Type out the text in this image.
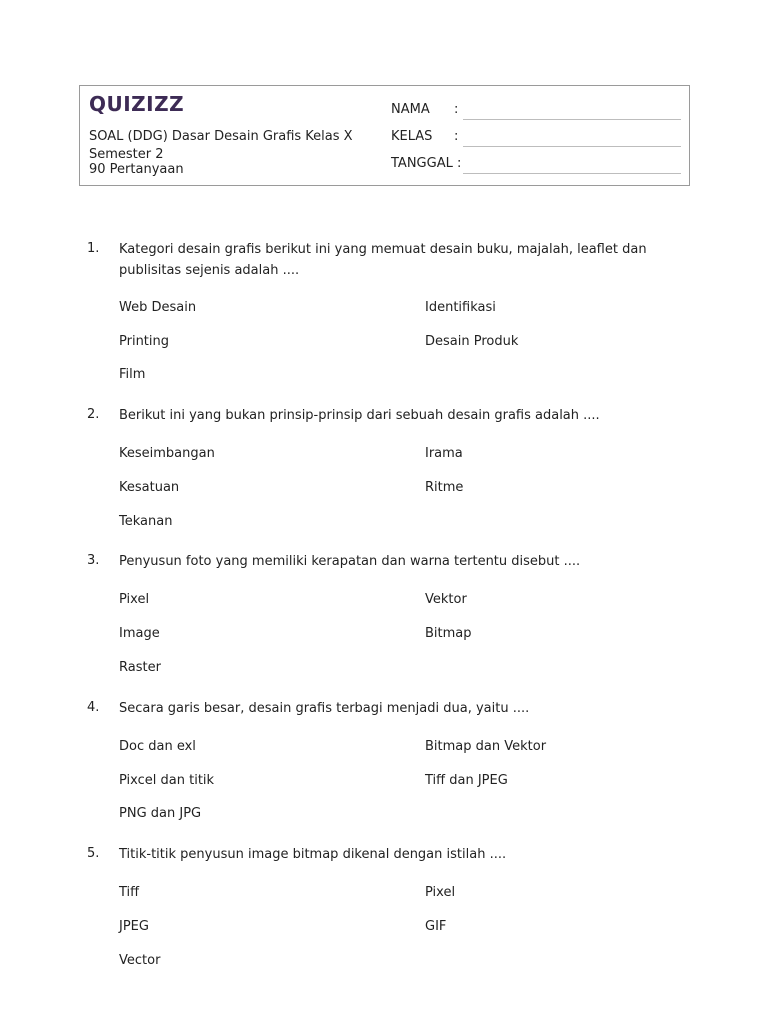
QUIZIZZ
SOAL (DDG) Dasar Desain Grafis Kelas X Semester 2
90 Pertanyaan
NAMA :
KELAS :
TANGGAL :
1. Kategori desain grafis berikut ini yang memuat desain buku, majalah, leaflet dan publisitas sejenis adalah ....
Web Desain	Identifikasi
Printing	Desain Produk
Film
2. Berikut ini yang bukan prinsip-prinsip dari sebuah desain grafis adalah ....
Keseimbangan	Irama
Kesatuan	Ritme
Tekanan
3. Penyusun foto yang memiliki kerapatan dan warna tertentu disebut ....
Pixel	Vektor
Image	Bitmap
Raster
4. Secara garis besar, desain grafis terbagi menjadi dua, yaitu ....
Doc dan exl	Bitmap dan Vektor
Pixcel dan titik	Tiff dan JPEG
PNG dan JPG
5. Titik-titik penyusun image bitmap dikenal dengan istilah ....
Tiff	Pixel
JPEG	GIF
Vector
